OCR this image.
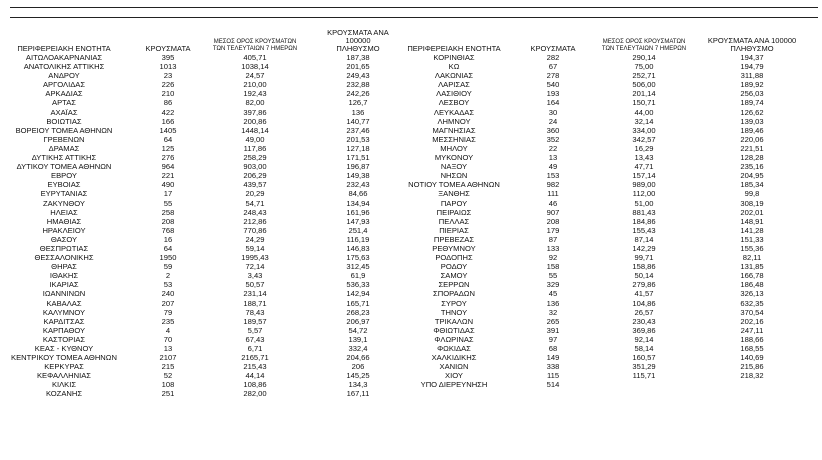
ΠΕΡΙΦΕΡΕΙΑΚΗ ΕΝΟΤΗΤΑ	ΚΡΟΥΣΜΑΤΑ
ΜΕΣΟΣ ΟΡΟΣ ΚΡΟΥΣΜΑΤΩΝ
ΤΩΝ ΤΕΛΕΥΤΑΙΩΝ 7 ΗΜΕΡΩΝ
ΚΡΟΥΣΜΑΤΑ ΑΝΑ 100000
ΠΛΗΘΥΣΜΟ
ΑΙΤΩΛΟΑΚΑΡΝΑΝΙΑΣ	395	405,71	187,38
ΑΝΑΤΟΛΙΚΗΣ ΑΤΤΙΚΗΣ	1013	1038,14	201,65
ΑΝΔΡΟΥ	23	24,57	249,43
ΑΡΓΟΛΙΔΑΣ	226	210,00	232,88
ΑΡΚΑΔΙΑΣ	210	192,43	242,26
ΑΡΤΑΣ	86	82,00	126,7
ΑΧΑΪΑΣ	422	397,86	136
ΒΟΙΩΤΙΑΣ	166	200,86	140,77
ΒΟΡΕΙΟΥ ΤΟΜΕΑ ΑΘΗΝΩΝ	1405	1448,14	237,46
ΓΡΕΒΕΝΩΝ	64	49,00	201,53
ΔΡΑΜΑΣ	125	117,86	127,18
ΔΥΤΙΚΗΣ ΑΤΤΙΚΗΣ	276	258,29	171,51
ΔΥΤΙΚΟΥ ΤΟΜΕΑ ΑΘΗΝΩΝ	964	903,00	196,87
ΕΒΡΟΥ	221	206,29	149,38
ΕΥΒΟΙΑΣ	490	439,57	232,43
ΕΥΡΥΤΑΝΙΑΣ	17	20,29	84,66
ΖΑΚΥΝΘΟΥ	55	54,71	134,94
ΗΛΕΙΑΣ	258	248,43	161,96
ΗΜΑΘΙΑΣ	208	212,86	147,93
ΗΡΑΚΛΕΙΟΥ	768	770,86	251,4
ΘΑΣΟΥ	16	24,29	116,19
ΘΕΣΠΡΩΤΙΑΣ	64	59,14	146,83
ΘΕΣΣΑΛΟΝΙΚΗΣ	1950	1995,43	175,63
ΘΗΡΑΣ	59	72,14	312,45
ΙΘΑΚΗΣ	2	3,43	61,9
ΙΚΑΡΙΑΣ	53	50,57	536,33
ΙΩΑΝΝΙΝΩΝ	240	231,14	142,94
ΚΑΒΑΛΑΣ	207	188,71	165,71
ΚΑΛΥΜΝΟΥ	79	78,43	268,23
ΚΑΡΔΙΤΣΑΣ	235	189,57	206,97
ΚΑΡΠΑΘΟΥ	4	5,57	54,72
ΚΑΣΤΟΡΙΑΣ	70	67,43	139,1
ΚΕΑΣ - ΚΥΘΝΟΥ	13	6,71	332,4
ΚΕΝΤΡΙΚΟΥ ΤΟΜΕΑ ΑΘΗΝΩΝ	2107	2165,71	204,66
ΚΕΡΚΥΡΑΣ	215	215,43	206
ΚΕΦΑΛΛΗΝΙΑΣ	52	44,14	145,25
ΚΙΛΚΙΣ	108	108,86	134,3
ΚΟΖΑΝΗΣ	251	282,00	167,11
ΠΕΡΙΦΕΡΕΙΑΚΗ ΕΝΟΤΗΤΑ	ΚΡΟΥΣΜΑΤΑ
ΜΕΣΟΣ ΟΡΟΣ ΚΡΟΥΣΜΑΤΩΝ
ΤΩΝ ΤΕΛΕΥΤΑΙΩΝ 7 ΗΜΕΡΩΝ
ΚΡΟΥΣΜΑΤΑ ΑΝΑ 100000
ΠΛΗΘΥΣΜΟ
ΚΟΡΙΝΘΙΑΣ	282	290,14	194,37
ΚΩ	67	75,00	194,79
ΛΑΚΩΝΙΑΣ	278	252,71	311,88
ΛΑΡΙΣΑΣ	540	506,00	189,92
ΛΑΣΙΘΙΟΥ	193	201,14	256,03
ΛΕΣΒΟΥ	164	150,71	189,74
ΛΕΥΚΑΔΑΣ	30	44,00	126,62
ΛΗΜΝΟΥ	24	32,14	139,03
ΜΑΓΝΗΣΙΑΣ	360	334,00	189,46
ΜΕΣΣΗΝΙΑΣ	352	342,57	220,06
ΜΗΛΟΥ	22	16,29	221,51
ΜΥΚΟΝΟΥ	13	13,43	128,28
ΝΑΞΟΥ	49	47,71	235,16
ΝΗΣΩΝ	153	157,14	204,95
ΝΟΤΙΟΥ ΤΟΜΕΑ ΑΘΗΝΩΝ	982	989,00	185,34
ΞΑΝΘΗΣ	111	112,00	99,8
ΠΑΡΟΥ	46	51,00	308,19
ΠΕΙΡΑΙΩΣ	907	881,43	202,01
ΠΕΛΛΑΣ	208	184,86	148,91
ΠΙΕΡΙΑΣ	179	155,43	141,28
ΠΡΕΒΕΖΑΣ	87	87,14	151,33
ΡΕΘΥΜΝΟΥ	133	142,29	155,36
ΡΟΔΟΠΗΣ	92	99,71	82,11
ΡΟΔΟΥ	158	158,86	131,85
ΣΑΜΟΥ	55	50,14	166,78
ΣΕΡΡΩΝ	329	279,86	186,48
ΣΠΟΡΑΔΩΝ	45	41,57	326,13
ΣΥΡΟΥ	136	104,86	632,35
ΤΗΝΟΥ	32	26,57	370,54
ΤΡΙΚΑΛΩΝ	265	230,43	202,16
ΦΘΙΩΤΙΔΑΣ	391	369,86	247,11
ΦΛΩΡΙΝΑΣ	97	92,14	188,66
ΦΩΚΙΔΑΣ	68	58,14	168,55
ΧΑΛΚΙΔΙΚΗΣ	149	160,57	140,69
ΧΑΝΙΩΝ	338	351,29	215,86
ΧΙΟΥ	115	115,71	218,32
ΥΠΟ ΔΙΕΡΕΥΝΗΣΗ	514
